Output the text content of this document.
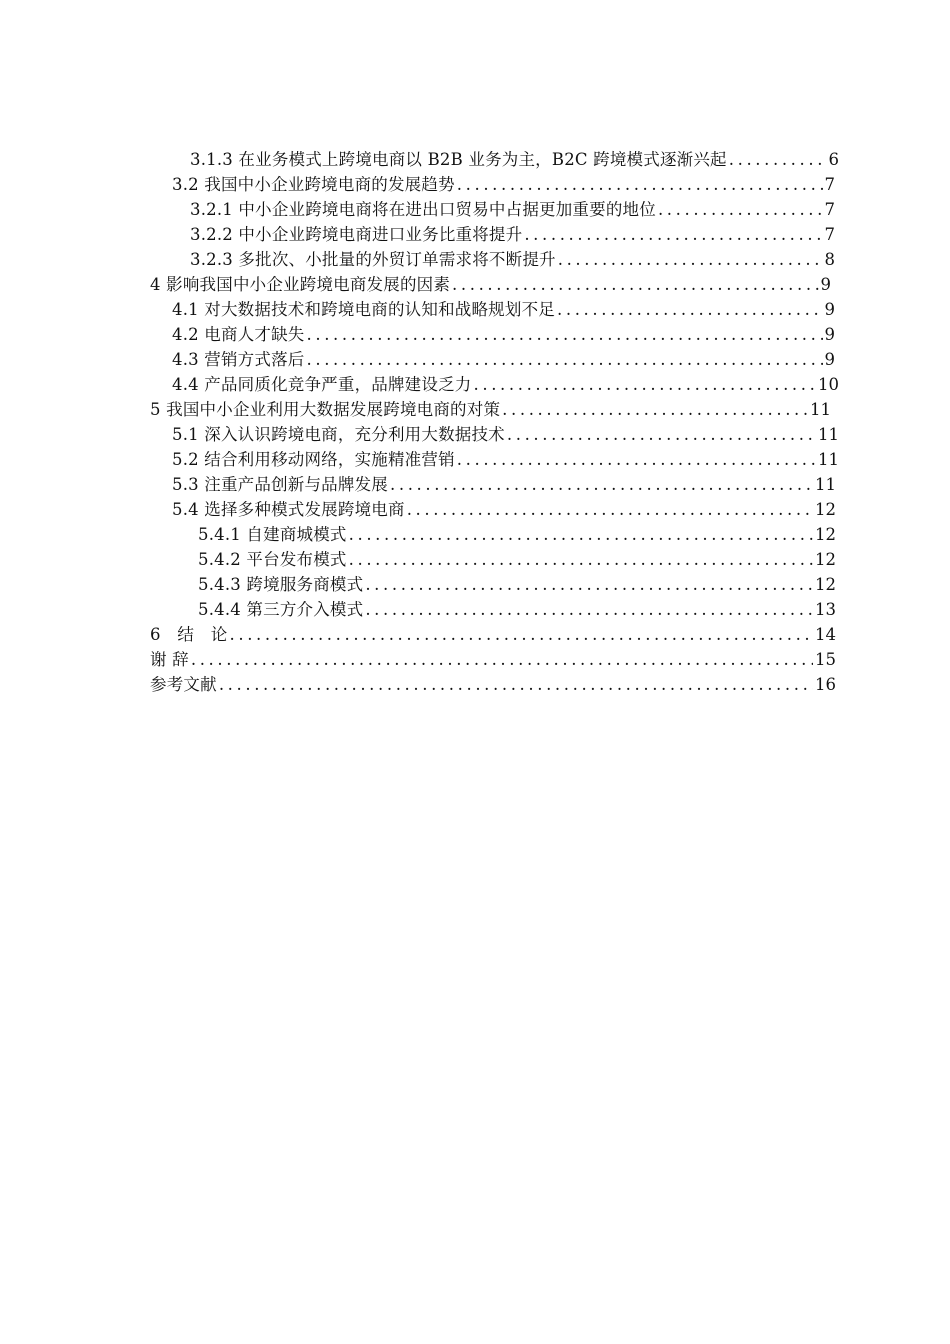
3.1.3 在业务模式上跨境电商以 B2B 业务为主，B2C 跨境模式逐渐兴起 .....	6
3.2 我国中小企业跨境电商的发展趋势 .....	7
3.2.1 中小企业跨境电商将在进出口贸易中占据更加重要的地位 .....	7
3.2.2 中小企业跨境电商进口业务比重将提升 .....	7
3.2.3 多批次、小批量的外贸订单需求将不断提升 .....	8
4 影响我国中小企业跨境电商发展的因素 .....	9
4.1 对大数据技术和跨境电商的认知和战略规划不足 .....	9
4.2 电商人才缺失 .....	9
4.3 营销方式落后 .....	9
4.4 产品同质化竞争严重，品牌建设乏力 .....	10
5 我国中小企业利用大数据发展跨境电商的对策 .....	11
5.1 深入认识跨境电商，充分利用大数据技术 .....	11
5.2 结合利用移动网络，实施精准营销 .....	11
5.3 注重产品创新与品牌发展 .....	11
5.4 选择多种模式发展跨境电商 .....	12
5.4.1 自建商城模式 .....	12
5.4.2 平台发布模式 .....	12
5.4.3 跨境服务商模式 .....	12
5.4.4 第三方介入模式 .....	13
6　结　论 .....	14
谢 辞 .....	15
参考文献 .....	16
